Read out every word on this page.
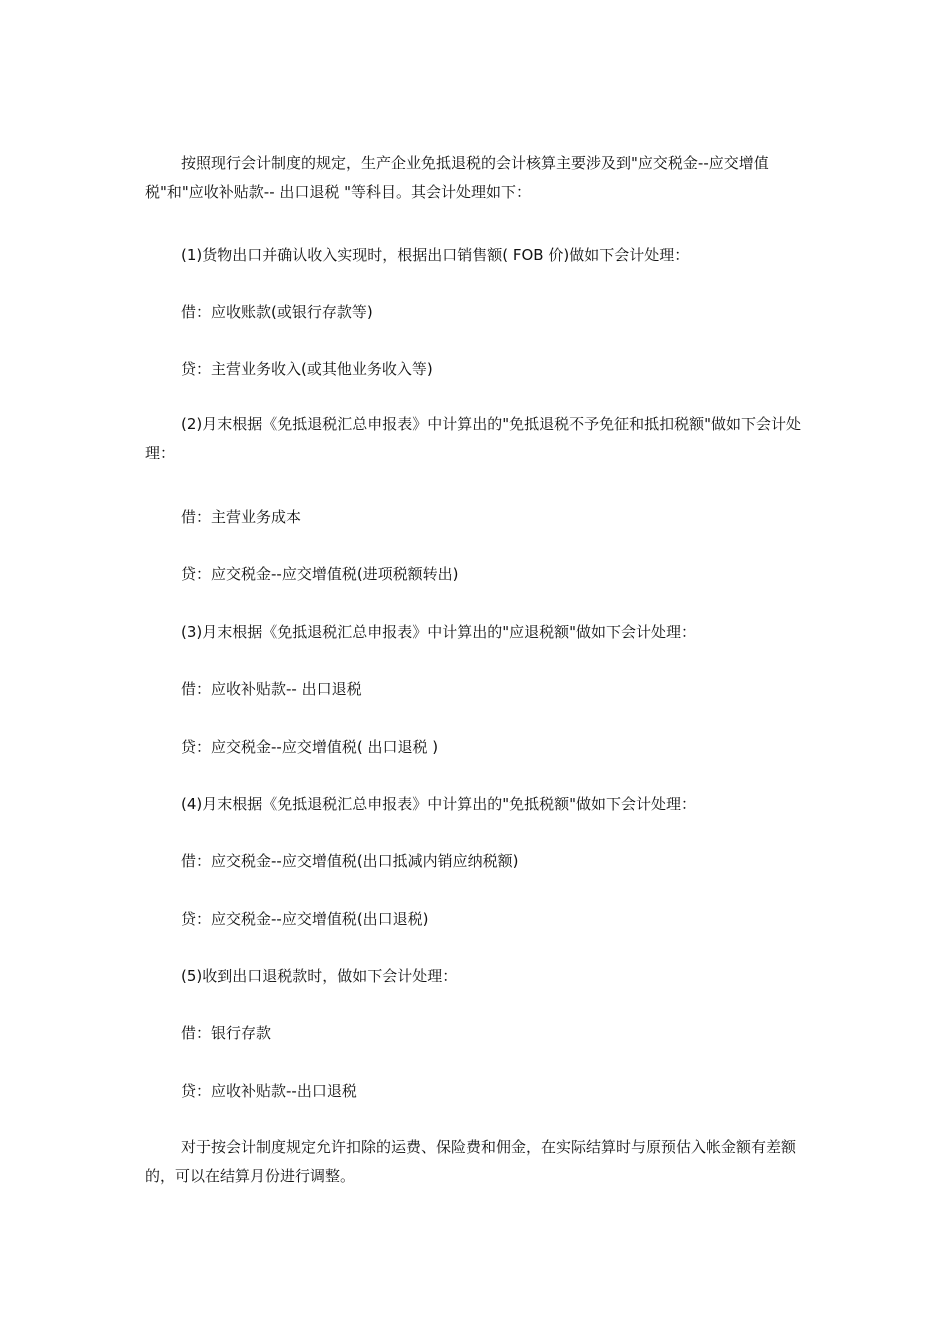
按照现行会计制度的规定，生产企业免抵退税的会计核算主要涉及到"应交税金--应交增值税"和"应收补贴款-- 出口退税 "等科目。其会计处理如下：

(1)货物出口并确认收入实现时，根据出口销售额( FOB 价)做如下会计处理：

借：应收账款(或银行存款等)

贷：主营业务收入(或其他业务收入等)

(2)月末根据《免抵退税汇总申报表》中计算出的"免抵退税不予免征和抵扣税额"做如下会计处理：

借：主营业务成本

贷：应交税金--应交增值税(进项税额转出)

(3)月末根据《免抵退税汇总申报表》中计算出的"应退税额"做如下会计处理：

借：应收补贴款-- 出口退税

贷：应交税金--应交增值税( 出口退税 )

(4)月末根据《免抵退税汇总申报表》中计算出的"免抵税额"做如下会计处理：

借：应交税金--应交增值税(出口抵减内销应纳税额)

贷：应交税金--应交增值税(出口退税)

(5)收到出口退税款时，做如下会计处理：

借：银行存款

贷：应收补贴款--出口退税

对于按会计制度规定允许扣除的运费、保险费和佣金，在实际结算时与原预估入帐金额有差额的，可以在结算月份进行调整。
